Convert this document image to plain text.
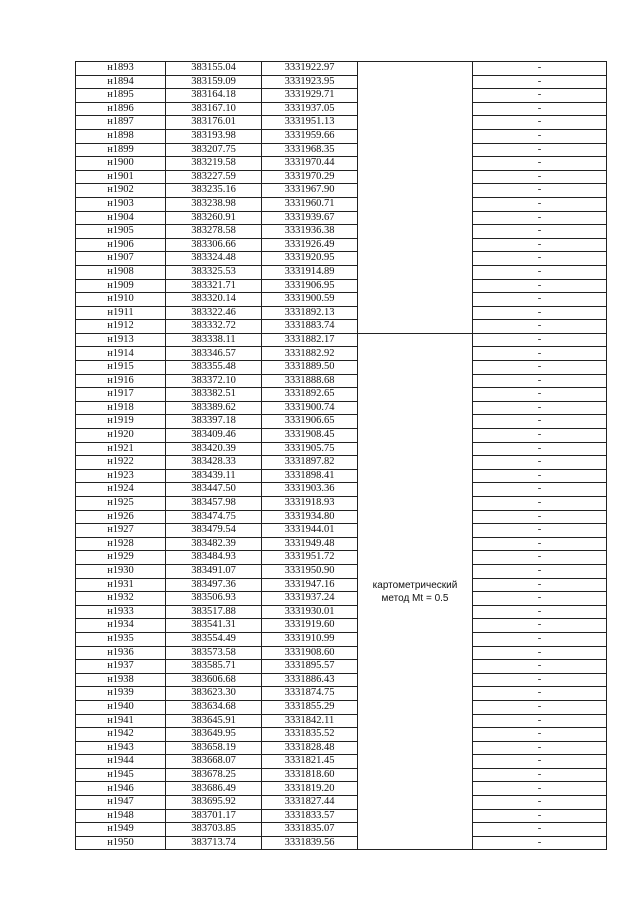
н1893	383155.04	3331922.97		-
н1894	383159.09	3331923.95		-
н1895	383164.18	3331929.71		-
н1896	383167.10	3331937.05		-
н1897	383176.01	3331951.13		-
н1898	383193.98	3331959.66		-
н1899	383207.75	3331968.35		-
н1900	383219.58	3331970.44		-
н1901	383227.59	3331970.29		-
н1902	383235.16	3331967.90		-
н1903	383238.98	3331960.71		-
н1904	383260.91	3331939.67		-
н1905	383278.58	3331936.38		-
н1906	383306.66	3331926.49		-
н1907	383324.48	3331920.95		-
н1908	383325.53	3331914.89		-
н1909	383321.71	3331906.95		-
н1910	383320.14	3331900.59		-
н1911	383322.46	3331892.13		-
н1912	383332.72	3331883.74		-
н1913	383338.11	3331882.17	картометрический метод Mt = 0.5	-
н1914	383346.57	3331882.92		-
н1915	383355.48	3331889.50		-
н1916	383372.10	3331888.68		-
н1917	383382.51	3331892.65		-
н1918	383389.62	3331900.74		-
н1919	383397.18	3331906.65		-
н1920	383409.46	3331908.45		-
н1921	383420.39	3331905.75		-
н1922	383428.33	3331897.82		-
н1923	383439.11	3331898.41		-
н1924	383447.50	3331903.36		-
н1925	383457.98	3331918.93		-
н1926	383474.75	3331934.80		-
н1927	383479.54	3331944.01		-
н1928	383482.39	3331949.48		-
н1929	383484.93	3331951.72		-
н1930	383491.07	3331950.90		-
н1931	383497.36	3331947.16		-
н1932	383506.93	3331937.24		-
н1933	383517.88	3331930.01		-
н1934	383541.31	3331919.60		-
н1935	383554.49	3331910.99		-
н1936	383573.58	3331908.60		-
н1937	383585.71	3331895.57		-
н1938	383606.68	3331886.43		-
н1939	383623.30	3331874.75		-
н1940	383634.68	3331855.29		-
н1941	383645.91	3331842.11		-
н1942	383649.95	3331835.52		-
н1943	383658.19	3331828.48		-
н1944	383668.07	3331821.45		-
н1945	383678.25	3331818.60		-
н1946	383686.49	3331819.20		-
н1947	383695.92	3331827.44		-
н1948	383701.17	3331833.57		-
н1949	383703.85	3331835.07		-
н1950	383713.74	3331839.56		-
